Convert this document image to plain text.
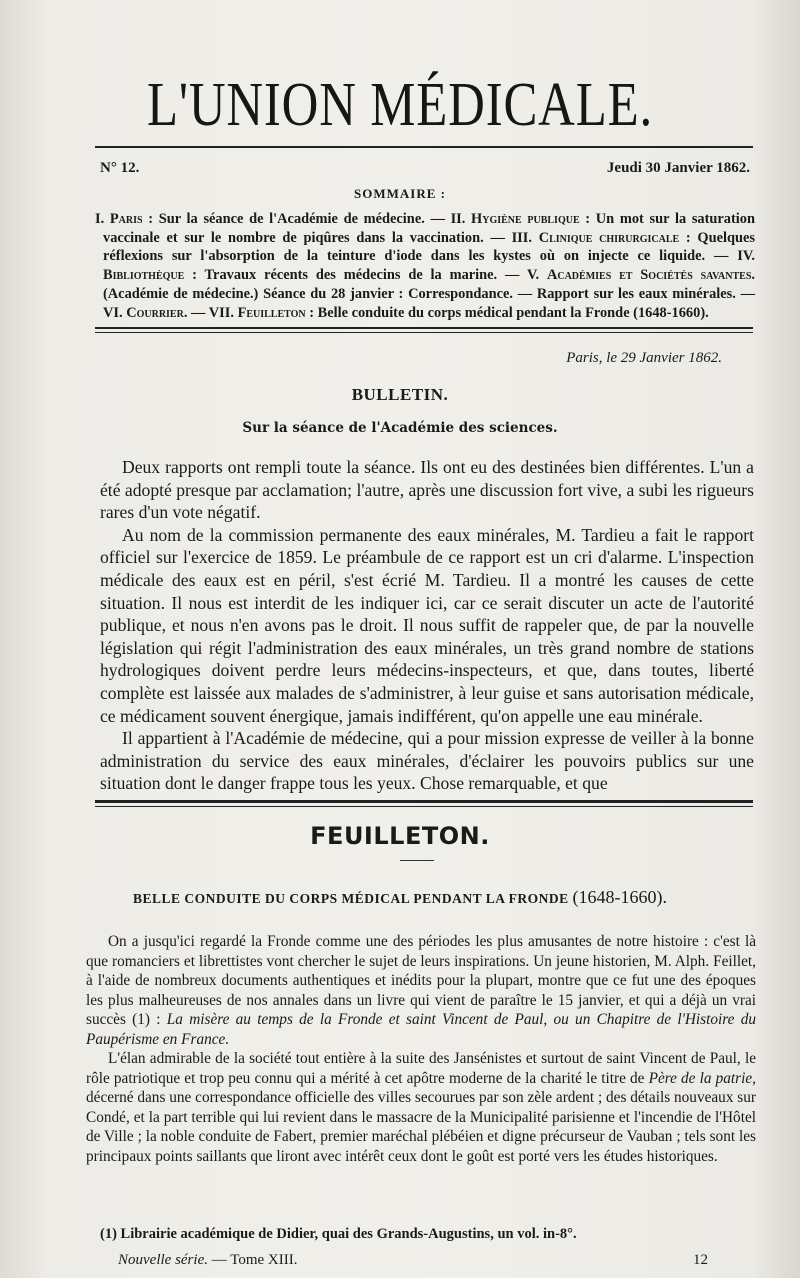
L'UNION MÉDICALE.
N° 12.	Jeudi 30 Janvier 1862.
SOMMAIRE :
I. Paris : Sur la séance de l'Académie de médecine. — II. Hygiène publique : Un mot sur la saturation vaccinale et sur le nombre de piqûres dans la vaccination. — III. Clinique chirurgicale : Quelques réflexions sur l'absorption de la teinture d'iode dans les kystes où on injecte ce liquide. — IV. Bibliothèque : Travaux récents des médecins de la marine. — V. Académies et Sociétés savantes. (Académie de médecine.) Séance du 28 janvier : Correspondance. — Rapport sur les eaux minérales. — VI. Courrier. — VII. Feuilleton : Belle conduite du corps médical pendant la Fronde (1648-1660).
Paris, le 29 Janvier 1862.
BULLETIN.
Sur la séance de l'Académie des sciences.

Deux rapports ont rempli toute la séance. Ils ont eu des destinées bien différentes. L'un a été adopté presque par acclamation; l'autre, après une discussion fort vive, a subi les rigueurs rares d'un vote négatif.

Au nom de la commission permanente des eaux minérales, M. Tardieu a fait le rapport officiel sur l'exercice de 1859. Le préambule de ce rapport est un cri d'alarme. L'inspection médicale des eaux est en péril, s'est écrié M. Tardieu. Il a montré les causes de cette situation. Il nous est interdit de les indiquer ici, car ce serait discuter un acte de l'autorité publique, et nous n'en avons pas le droit. Il nous suffit de rappeler que, de par la nouvelle législation qui régit l'administration des eaux minérales, un très grand nombre de stations hydrologiques doivent perdre leurs médecins-inspecteurs, et que, dans toutes, liberté complète est laissée aux malades de s'administrer, à leur guise et sans autorisation médicale, ce médicament souvent énergique, jamais indifférent, qu'on appelle une eau minérale.

Il appartient à l'Académie de médecine, qui a pour mission expresse de veiller à la bonne administration du service des eaux minérales, d'éclairer les pouvoirs publics sur une situation dont le danger frappe tous les yeux. Chose remarquable, et que

FEUILLETON.
BELLE CONDUITE DU CORPS MÉDICAL PENDANT LA FRONDE (1648-1660).

On a jusqu'ici regardé la Fronde comme une des périodes les plus amusantes de notre histoire : c'est là que romanciers et librettistes vont chercher le sujet de leurs inspirations. Un jeune historien, M. Alph. Feillet, à l'aide de nombreux documents authentiques et inédits pour la plupart, montre que ce fut une des époques les plus malheureuses de nos annales dans un livre qui vient de paraître le 15 janvier, et qui a déjà un vrai succès (1) : La misère au temps de la Fronde et saint Vincent de Paul, ou un Chapitre de l'Histoire du Paupérisme en France.

L'élan admirable de la société tout entière à la suite des Jansénistes et surtout de saint Vincent de Paul, le rôle patriotique et trop peu connu qui a mérité à cet apôtre moderne de la charité le titre de Père de la patrie, décerné dans une correspondance officielle des villes secourues par son zèle ardent ; des détails nouveaux sur Condé, et la part terrible qui lui revient dans le massacre de la Municipalité parisienne et l'incendie de l'Hôtel de Ville ; la noble conduite de Fabert, premier maréchal plébéien et digne précurseur de Vauban ; tels sont les principaux points saillants que liront avec intérêt ceux dont le goût est porté vers les études historiques.

(1) Librairie académique de Didier, quai des Grands-Augustins, un vol. in-8°.
Nouvelle série. — Tome XIII.	12
